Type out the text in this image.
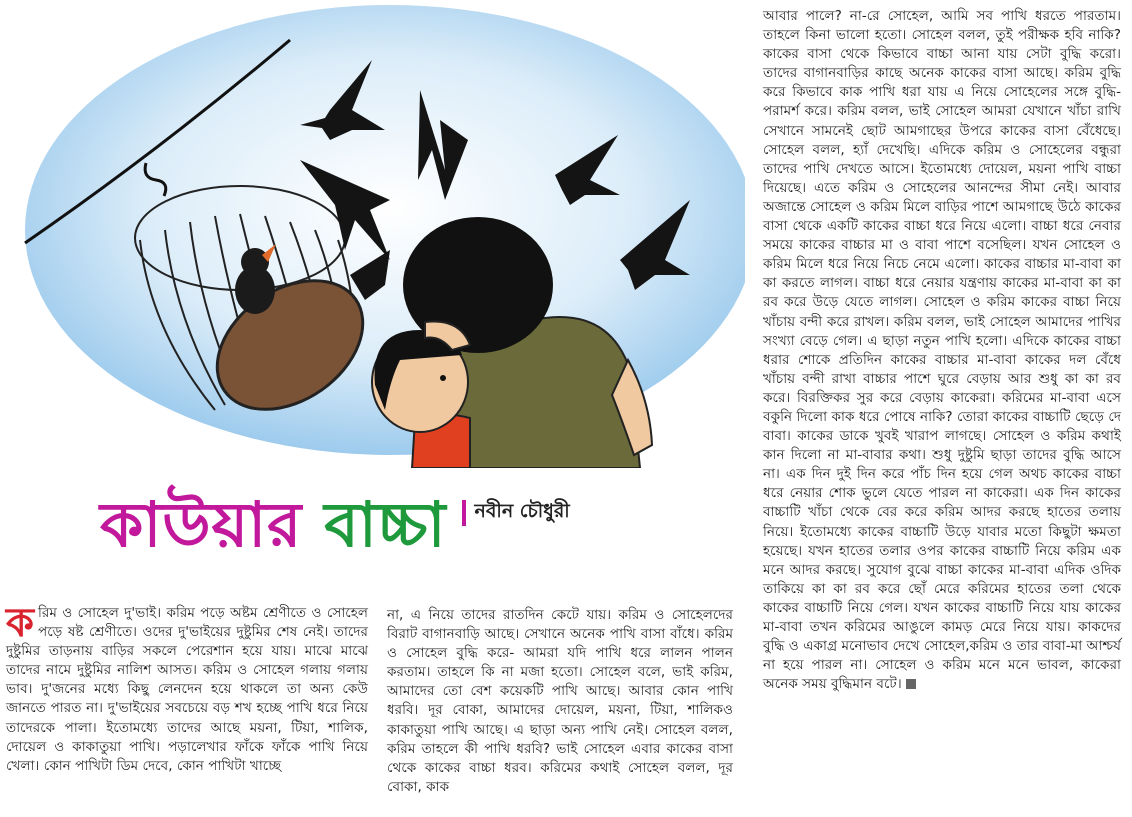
কাউয়ার বাচ্চা নবীন চৌধুরী
ক রিম ও সোহেল দু'ভাই। করিম পড়ে অষ্টম শ্রেণীতে ও সোহেল পড়ে ষষ্ট শ্রেণীতে। ওদের দু'ভাইয়ের দুষ্টুমির শেষ নেই। তাদের দুষ্টুমির তাড়নায় বাড়ির সকলে পেরেশান হয়ে যায়। মাঝে মাঝে তাদের নামে দুষ্টুমির নালিশ আসত। করিম ও সোহেল গলায় গলায় ভাব। দু'জনের মধ্যে কিছু লেনদেন হয়ে থাকলে তা অন্য কেউ জানতে পারত না। দু'ভাইয়ের সবচেয়ে বড় শখ হচ্ছে পাখি ধরে নিয়ে তাদেরকে পালা। ইতোমধ্যে তাদের আছে ময়না, টিয়া, শালিক, দোয়েল ও কাকাতুয়া পাখি। পড়ালেখার ফাঁকে ফাঁকে পাখি নিয়ে খেলা। কোন পাখিটা ডিম দেবে, কোন পাখিটা খাচ্ছে
না, এ নিয়ে তাদের রাতদিন কেটে যায়। করিম ও সোহেলদের বিরাট বাগানবাড়ি আছে। সেখানে অনেক পাখি বাসা বাঁধে। করিম ও সোহেল বুদ্ধি করে- আমরা যদি পাখি ধরে লালন পালন করতাম। তাহলে কি না মজা হতো। সোহেল বলে, ভাই করিম, আমাদের তো বেশ কয়েকটি পাখি আছে। আবার কোন পাখি ধরবি। দূর বোকা, আমাদের দোয়েল, ময়না, টিয়া, শালিকও কাকাতুয়া পাখি আছে। এ ছাড়া অন্য পাখি নেই। সোহেল বলল, করিম তাহলে কী পাখি ধরবি? ভাই সোহেল এবার কাকের বাসা থেকে কাকের বাচ্চা ধরব। করিমের কথাই সোহেল বলল, দূর বোকা, কাক
আবার পালে? না-রে সোহেল, আমি সব পাখি ধরতে পারতাম। তাহলে কিনা ভালো হতো। সোহেল বলল, তুই পরীক্ষক হবি নাকি? কাকের বাসা থেকে কিভাবে বাচ্চা আনা যায় সেটা বুদ্ধি করো। তাদের বাগানবাড়ির কাছে অনেক কাকের বাসা আছে। করিম বুদ্ধি করে কিভাবে কাক পাখি ধরা যায় এ নিয়ে সোহেলের সঙ্গে বুদ্ধি-পরামর্শ করে। করিম বলল, ভাই সোহেল আমরা যেখানে খাঁচা রাখি সেখানে সামনেই ছোট আমগাছের উপরে কাকের বাসা বেঁধেছে। সোহেল বলল, হ্যাঁ দেখেছি। এদিকে করিম ও সোহেলের বন্ধুরা তাদের পাখি দেখতে আসে। ইতোমধ্যে দোয়েল, ময়না পাখি বাচ্চা দিয়েছে। এতে করিম ও সোহেলের আনন্দের সীমা নেই। আবার অজান্তে সোহেল ও করিম মিলে বাড়ির পাশে আমগাছে উঠে কাকের বাসা থেকে একটি কাকের বাচ্চা ধরে নিয়ে এলো। বাচ্চা ধরে নেবার সময়ে কাকের বাচ্চার মা ও বাবা পাশে বসেছিল। যখন সোহেল ও করিম মিলে ধরে নিয়ে নিচে নেমে এলো। কাকের বাচ্চার মা-বাবা কা কা করতে লাগল। বাচ্চা ধরে নেয়ার যন্ত্রণায় কাকের মা-বাবা কা কা রব করে উড়ে যেতে লাগল। সোহেল ও করিম কাকের বাচ্চা নিয়ে খাঁচায় বন্দী করে রাখল। করিম বলল, ভাই সোহেল আমাদের পাখির সংখ্যা বেড়ে গেল। এ ছাড়া নতুন পাখি হলো। এদিকে কাকের বাচ্চা ধরার শোকে প্রতিদিন কাকের বাচ্চার মা-বাবা কাকের দল বেঁধে খাঁচায় বন্দী রাখা বাচ্চার পাশে ঘুরে বেড়ায় আর শুধু কা কা রব করে। বিরক্তিকর সুর করে বেড়ায় কাকেরা। করিমের মা-বাবা এসে বকুনি দিলো কাক ধরে পোষে নাকি? তোরা কাকের বাচ্চাটি ছেড়ে দে বাবা। কাকের ডাকে খুবই খারাপ লাগছে। সোহেল ও করিম কথাই কান দিলো না মা-বাবার কথা। শুধু দুষ্টুমি ছাড়া তাদের বুদ্ধি আসে না। এক দিন দুই দিন করে পাঁচ দিন হয়ে গেল অথচ কাকের বাচ্চা ধরে নেয়ার শোক ভুলে যেতে পারল না কাকেরা। এক দিন কাকের বাচ্চাটি খাঁচা থেকে বের করে করিম আদর করছে হাতের তলায় নিয়ে। ইতোমধ্যে কাকের বাচ্চাটি উড়ে যাবার মতো কিছুটা ক্ষমতা হয়েছে। যখন হাতের তলার ওপর কাকের বাচ্চাটি নিয়ে করিম এক মনে আদর করছে। সুযোগ বুঝে বাচ্চা কাকের মা-বাবা এদিক ওদিক তাকিয়ে কা কা রব করে ছোঁ মেরে করিমের হাতের তলা থেকে কাকের বাচ্চাটি নিয়ে গেল। যখন কাকের বাচ্চাটি নিয়ে যায় কাকের মা-বাবা তখন করিমের আঙুলে কামড় মেরে নিয়ে যায়। কাকদের বুদ্ধি ও একাগ্র মনোভাব দেখে সোহেল,করিম ও তার বাবা-মা আশ্চর্য না হয়ে পারল না। সোহেল ও করিম মনে মনে ভাবল, কাকেরা অনেক সময় বুদ্ধিমান বটে।
